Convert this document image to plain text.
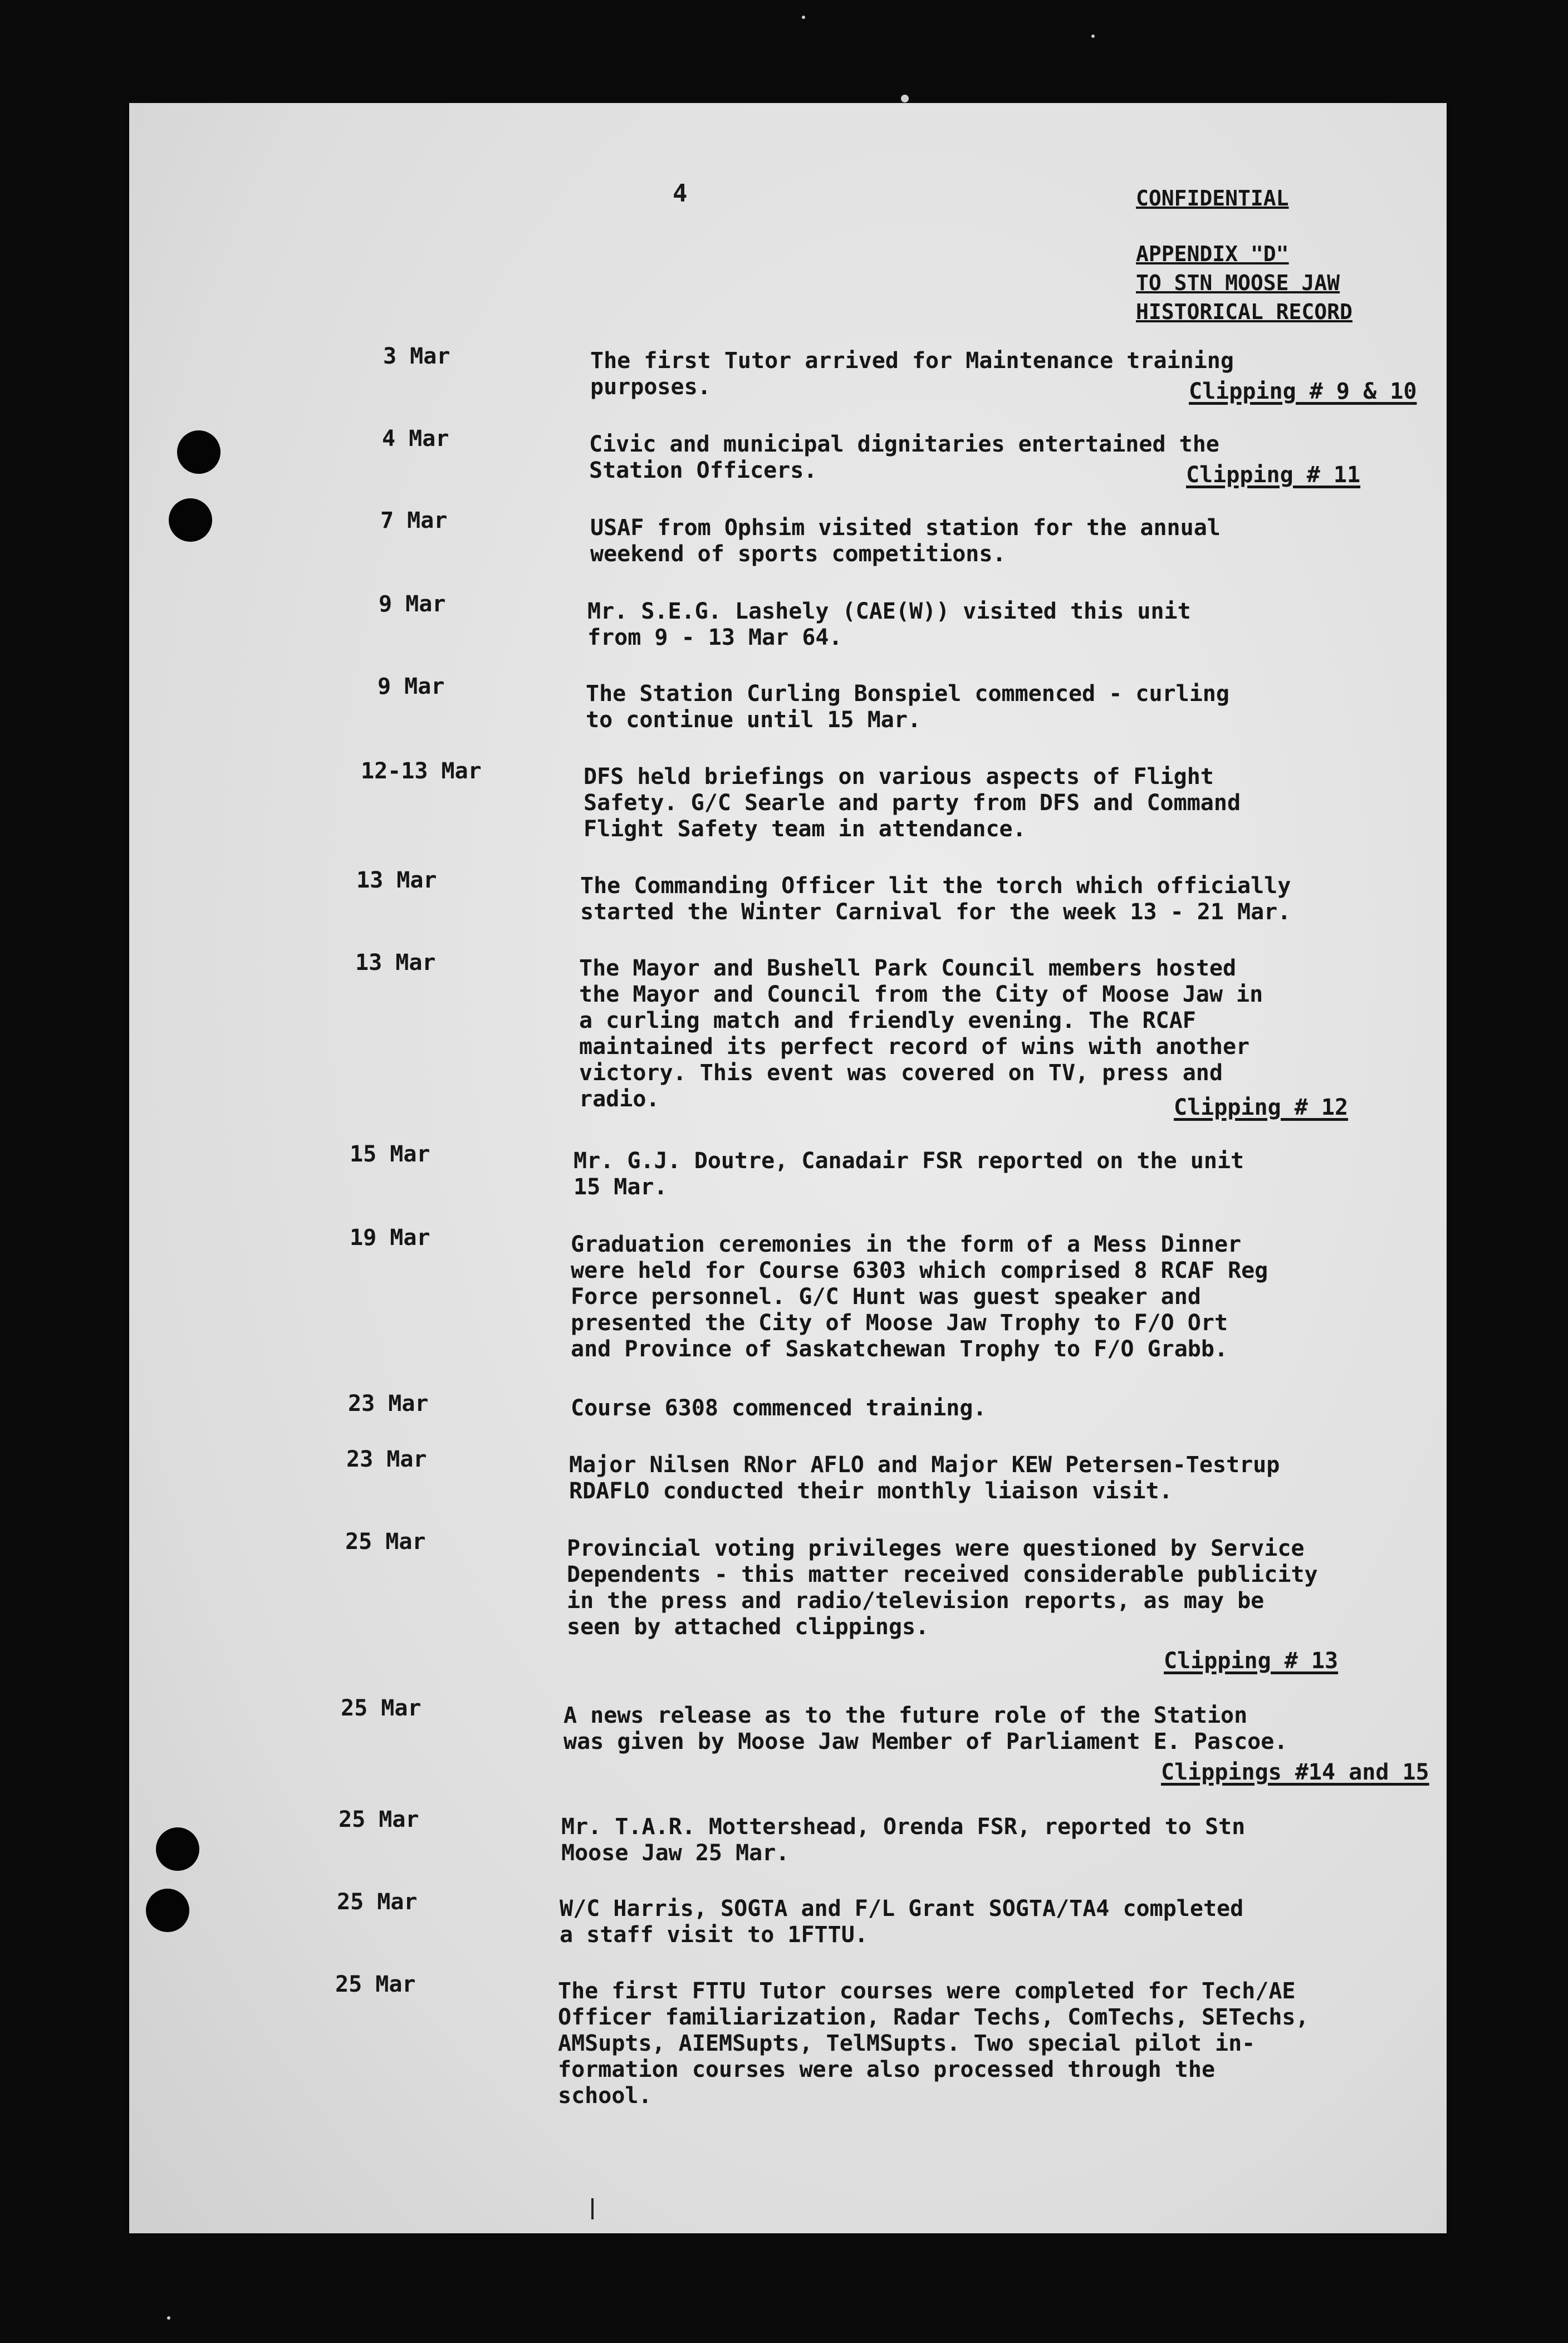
4	CONFIDENTIAL
APPENDIX "D"
TO STN MOOSE JAW
HISTORICAL RECORD
3 Mar	The first Tutor arrived for Maintenance training
purposes.	Clipping # 9 & 10
4 Mar	Civic and municipal dignitaries entertained the
Station Officers.	Clipping # 11
7 Mar	USAF from Ophsim visited station for the annual
weekend of sports competitions.
9 Mar	Mr. S.E.G. Lashely (CAE(W)) visited this unit
from 9 - 13 Mar 64.
9 Mar	The Station Curling Bonspiel commenced - curling
to continue until 15 Mar.
12-13 Mar	DFS held briefings on various aspects of Flight
Safety. G/C Searle and party from DFS and Command
Flight Safety team in attendance.
13 Mar	The Commanding Officer lit the torch which officially
started the Winter Carnival for the week 13 - 21 Mar.
13 Mar	The Mayor and Bushell Park Council members hosted
the Mayor and Council from the City of Moose Jaw in
a curling match and friendly evening. The RCAF
maintained its perfect record of wins with another
victory. This event was covered on TV, press and
radio.	Clipping # 12
15 Mar	Mr. G.J. Doutre, Canadair FSR reported on the unit
15 Mar.
19 Mar	Graduation ceremonies in the form of a Mess Dinner
were held for Course 6303 which comprised 8 RCAF Reg
Force personnel. G/C Hunt was guest speaker and
presented the City of Moose Jaw Trophy to F/O Ort
and Province of Saskatchewan Trophy to F/O Grabb.
23 Mar	Course 6308 commenced training.
23 Mar	Major Nilsen RNor AFLO and Major KEW Petersen-Testrup
RDAFLO conducted their monthly liaison visit.
25 Mar	Provincial voting privileges were questioned by Service
Dependents - this matter received considerable publicity
in the press and radio/television reports, as may be
seen by attached clippings.
Clipping # 13
25 Mar	A news release as to the future role of the Station
was given by Moose Jaw Member of Parliament E. Pascoe.
Clippings #14 and 15
25 Mar	Mr. T.A.R. Mottershead, Orenda FSR, reported to Stn
Moose Jaw 25 Mar.
25 Mar	W/C Harris, SOGTA and F/L Grant SOGTA/TA4 completed
a staff visit to 1FTTU.
25 Mar	The first FTTU Tutor courses were completed for Tech/AE
Officer familiarization, Radar Techs, ComTechs, SETechs,
AMSupts, AIEMSupts, TelMSupts. Two special pilot in-
formation courses were also processed through the
school.
